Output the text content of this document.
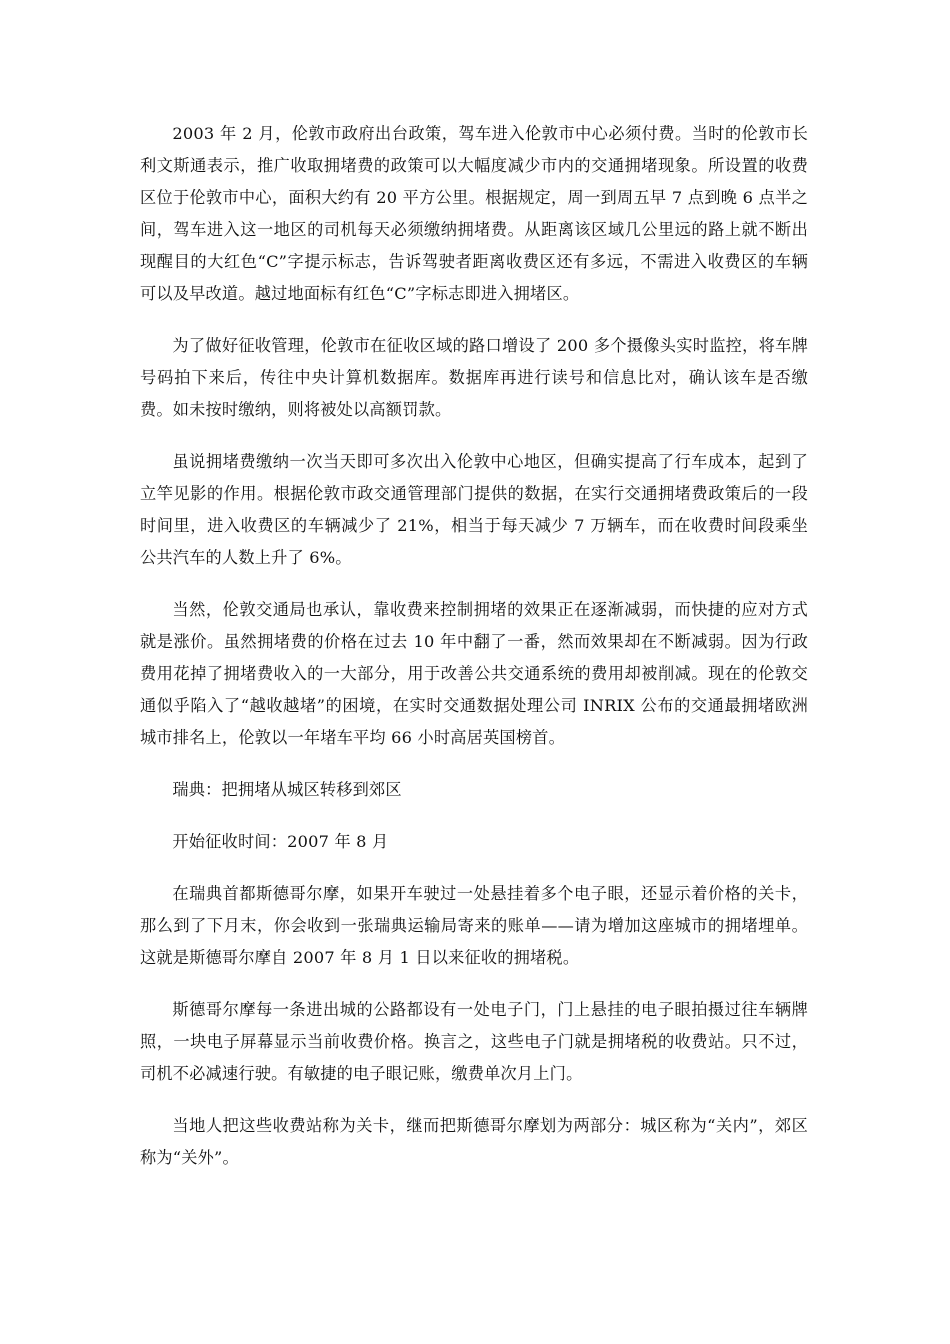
2003 年 2 月，伦敦市政府出台政策，驾车进入伦敦市中心必须付费。当时的伦敦市长利文斯通表示，推广收取拥堵费的政策可以大幅度减少市内的交通拥堵现象。所设置的收费区位于伦敦市中心，面积大约有 20 平方公里。根据规定，周一到周五早 7 点到晚 6 点半之间，驾车进入这一地区的司机每天必须缴纳拥堵费。从距离该区域几公里远的路上就不断出现醒目的大红色“C”字提示标志，告诉驾驶者距离收费区还有多远，不需进入收费区的车辆可以及早改道。越过地面标有红色“C”字标志即进入拥堵区。

为了做好征收管理，伦敦市在征收区域的路口增设了 200 多个摄像头实时监控，将车牌号码拍下来后，传往中央计算机数据库。数据库再进行读号和信息比对，确认该车是否缴费。如未按时缴纳，则将被处以高额罚款。

虽说拥堵费缴纳一次当天即可多次出入伦敦中心地区，但确实提高了行车成本，起到了立竿见影的作用。根据伦敦市政交通管理部门提供的数据，在实行交通拥堵费政策后的一段时间里，进入收费区的车辆减少了 21%，相当于每天减少 7 万辆车，而在收费时间段乘坐公共汽车的人数上升了 6%。

当然，伦敦交通局也承认，靠收费来控制拥堵的效果正在逐渐减弱，而快捷的应对方式就是涨价。虽然拥堵费的价格在过去 10 年中翻了一番，然而效果却在不断减弱。因为行政费用花掉了拥堵费收入的一大部分，用于改善公共交通系统的费用却被削减。现在的伦敦交通似乎陷入了“越收越堵”的困境，在实时交通数据处理公司 INRIX 公布的交通最拥堵欧洲城市排名上，伦敦以一年堵车平均 66 小时高居英国榜首。

瑞典：把拥堵从城区转移到郊区

开始征收时间：2007 年 8 月

在瑞典首都斯德哥尔摩，如果开车驶过一处悬挂着多个电子眼，还显示着价格的关卡，那么到了下月末，你会收到一张瑞典运输局寄来的账单——请为增加这座城市的拥堵埋单。这就是斯德哥尔摩自 2007 年 8 月 1 日以来征收的拥堵税。

斯德哥尔摩每一条进出城的公路都设有一处电子门，门上悬挂的电子眼拍摄过往车辆牌照，一块电子屏幕显示当前收费价格。换言之，这些电子门就是拥堵税的收费站。只不过，司机不必减速行驶。有敏捷的电子眼记账，缴费单次月上门。

当地人把这些收费站称为关卡，继而把斯德哥尔摩划为两部分：城区称为“关内”，郊区称为“关外”。
